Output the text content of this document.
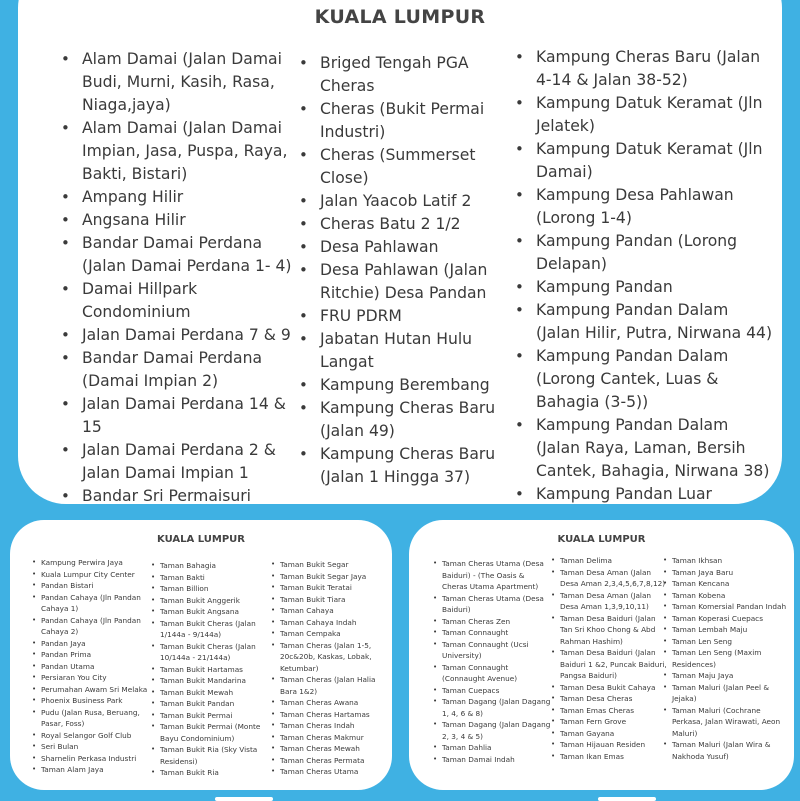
KUALA LUMPUR
• Alam Damai (Jalan Damai Budi, Murni, Kasih, Rasa, Niaga,jaya)
• Alam Damai (Jalan Damai Impian, Jasa, Puspa, Raya, Bakti, Bistari)
• Ampang Hilir
• Angsana Hilir
• Bandar Damai Perdana (Jalan Damai Perdana 1- 4)
• Damai Hillpark Condominium
• Jalan Damai Perdana 7 & 9
• Bandar Damai Perdana (Damai Impian 2)
• Jalan Damai Perdana 14 & 15
• Jalan Damai Perdana 2 & Jalan Damai Impian 1
• Bandar Sri Permaisuri
• Briged Tengah PGA Cheras
• Cheras (Bukit Permai Industri)
• Cheras (Summerset Close)
• Jalan Yaacob Latif 2
• Cheras Batu 2 1/2
• Desa Pahlawan
• Desa Pahlawan (Jalan Ritchie) Desa Pandan
• FRU PDRM
• Jabatan Hutan Hulu Langat
• Kampung Berembang
• Kampung Cheras Baru (Jalan 49)
• Kampung Cheras Baru (Jalan 1 Hingga 37)
• Kampung Cheras Baru (Jalan 4-14 & Jalan 38-52)
• Kampung Datuk Keramat (Jln Jelatek)
• Kampung Datuk Keramat (Jln Damai)
• Kampung Desa Pahlawan (Lorong 1-4)
• Kampung Pandan (Lorong Delapan)
• Kampung Pandan
• Kampung Pandan Dalam (Jalan Hilir, Putra, Nirwana 44)
• Kampung Pandan Dalam (Lorong Cantek, Luas & Bahagia (3-5))
• Kampung Pandan Dalam (Jalan Raya, Laman, Bersih Cantek, Bahagia, Nirwana 38)
• Kampung Pandan Luar
KUALA LUMPUR
• Kampung Perwira Jaya
• Kuala Lumpur City Center
• Pandan Bistari
• Pandan Cahaya (Jln Pandan Cahaya 1)
• Pandan Cahaya (Jln Pandan Cahaya 2)
• Pandan Jaya
• Pandan Prima
• Pandan Utama
• Persiaran You City
• Perumahan Awam Sri Melaka
• Phoenix Business Park
• Pudu (Jalan Rusa, Beruang, Pasar, Foss)
• Royal Selangor Golf Club
• Seri Bulan
• Sharnelin Perkasa Industri
• Taman Alam Jaya
• Taman Bahagia
• Taman Bakti
• Taman Billion
• Taman Bukit Anggerik
• Taman Bukit Angsana
• Taman Bukit Cheras (Jalan 1/144a - 9/144a)
• Taman Bukit Cheras (Jalan 10/144a - 21/144a)
• Taman Bukit Hartamas
• Taman Bukit Mandarina
• Taman Bukit Mewah
• Taman Bukit Pandan
• Taman Bukit Permai
• Taman Bukit Permai (Monte Bayu Condominium)
• Taman Bukit Ria (Sky Vista Residensi)
• Taman Bukit Ria
• Taman Bukit Segar
• Taman Bukit Segar Jaya
• Taman Bukit Teratai
• Taman Bukit Tiara
• Taman Cahaya
• Taman Cahaya Indah
• Taman Cempaka
• Taman Cheras (Jalan 1-5, 20c&20b, Kaskas, Lobak, Ketumbar)
• Taman Cheras (Jalan Halia Bara 1&2)
• Taman Cheras Awana
• Taman Cheras Hartamas
• Taman Cheras Indah
• Taman Cheras Makmur
• Taman Cheras Mewah
• Taman Cheras Permata
• Taman Cheras Utama
KUALA LUMPUR
• Taman Cheras Utama (Desa Baiduri) - (The Oasis & Cheras Utama Apartment)
• Taman Cheras Utama (Desa Baiduri)
• Taman Cheras Zen
• Taman Connaught
• Taman Connaught (Ucsi University)
• Taman Connaught (Connaught Avenue)
• Taman Cuepacs
• Taman Dagang (Jalan Dagang 1, 4, 6 & 8)
• Taman Dagang (Jalan Dagang 2, 3, 4 & 5)
• Taman Dahlia
• Taman Damai Indah
• Taman Delima
• Taman Desa Aman (Jalan Desa Aman 2,3,4,5,6,7,8,12)
• Taman Desa Aman (Jalan Desa Aman 1,3,9,10,11)
• Taman Desa Baiduri (Jalan Tan Sri Khoo Chong & Abd Rahman Hashim)
• Taman Desa Baiduri (Jalan Baiduri 1 &2, Puncak Baiduri, Pangsa Baiduri)
• Taman Desa Bukit Cahaya
• Taman Desa Cheras
• Taman Emas Cheras
• Taman Fern Grove
• Taman Gayana
• Taman Hijauan Residen
• Taman Ikan Emas
• Taman Ikhsan
• Taman Jaya Baru
• Taman Kencana
• Taman Kobena
• Taman Komersial Pandan Indah
• Taman Koperasi Cuepacs
• Taman Lembah Maju
• Taman Len Seng
• Taman Len Seng (Maxim Residences)
• Taman Maju Jaya
• Taman Maluri (Jalan Peel & Jejaka)
• Taman Maluri (Cochrane Perkasa, Jalan Wirawati, Aeon Maluri)
• Taman Maluri (Jalan Wira & Nakhoda Yusuf)
